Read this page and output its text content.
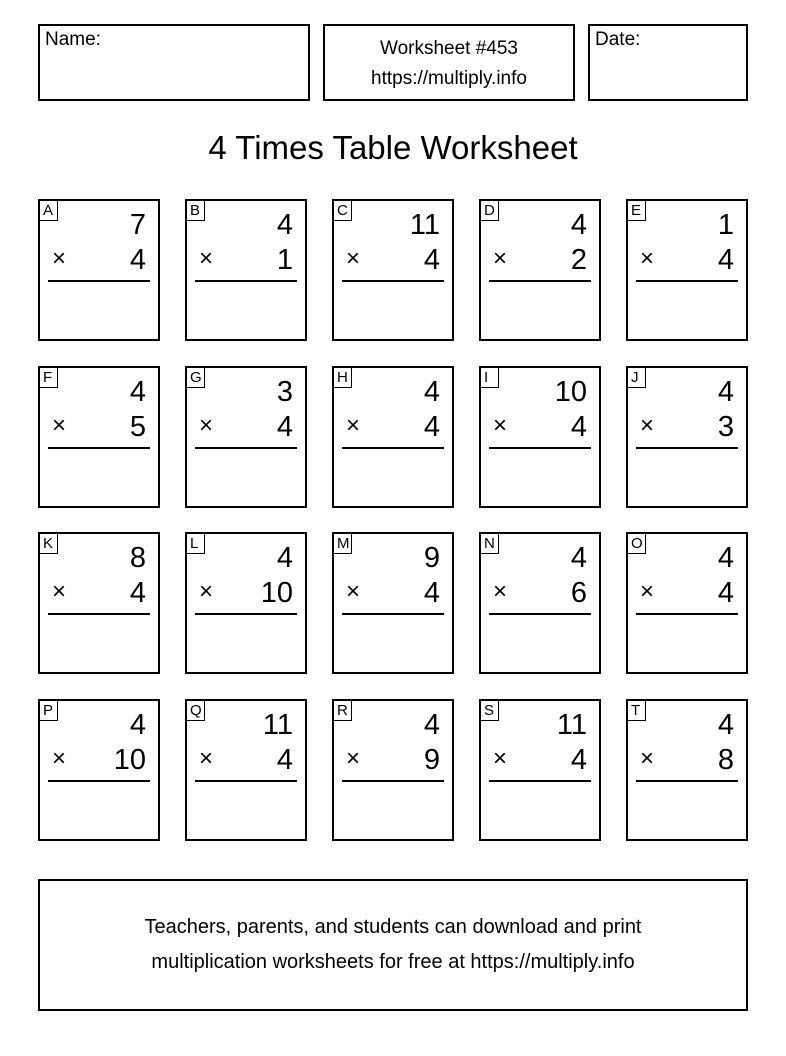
Name:	Worksheet #453
https://multiply.info
Date:
4 Times Table Worksheet
A	7
× 4
B	4
× 1
C 11
× 4
D	4
× 2
E	1
× 4
F	4
× 5
G	3
× 4
H	4
× 4
I	10
× 4
J	4
× 3
K	8
× 4
L	4
× 10
M	9
× 4
N	4
× 6
O	4
× 4
P	4
× 10
Q 11
× 4
R	4
× 9
S 11
× 4
T	4
× 8
Teachers, parents, and students can download and print
multiplication worksheets for free at https://multiply.info
